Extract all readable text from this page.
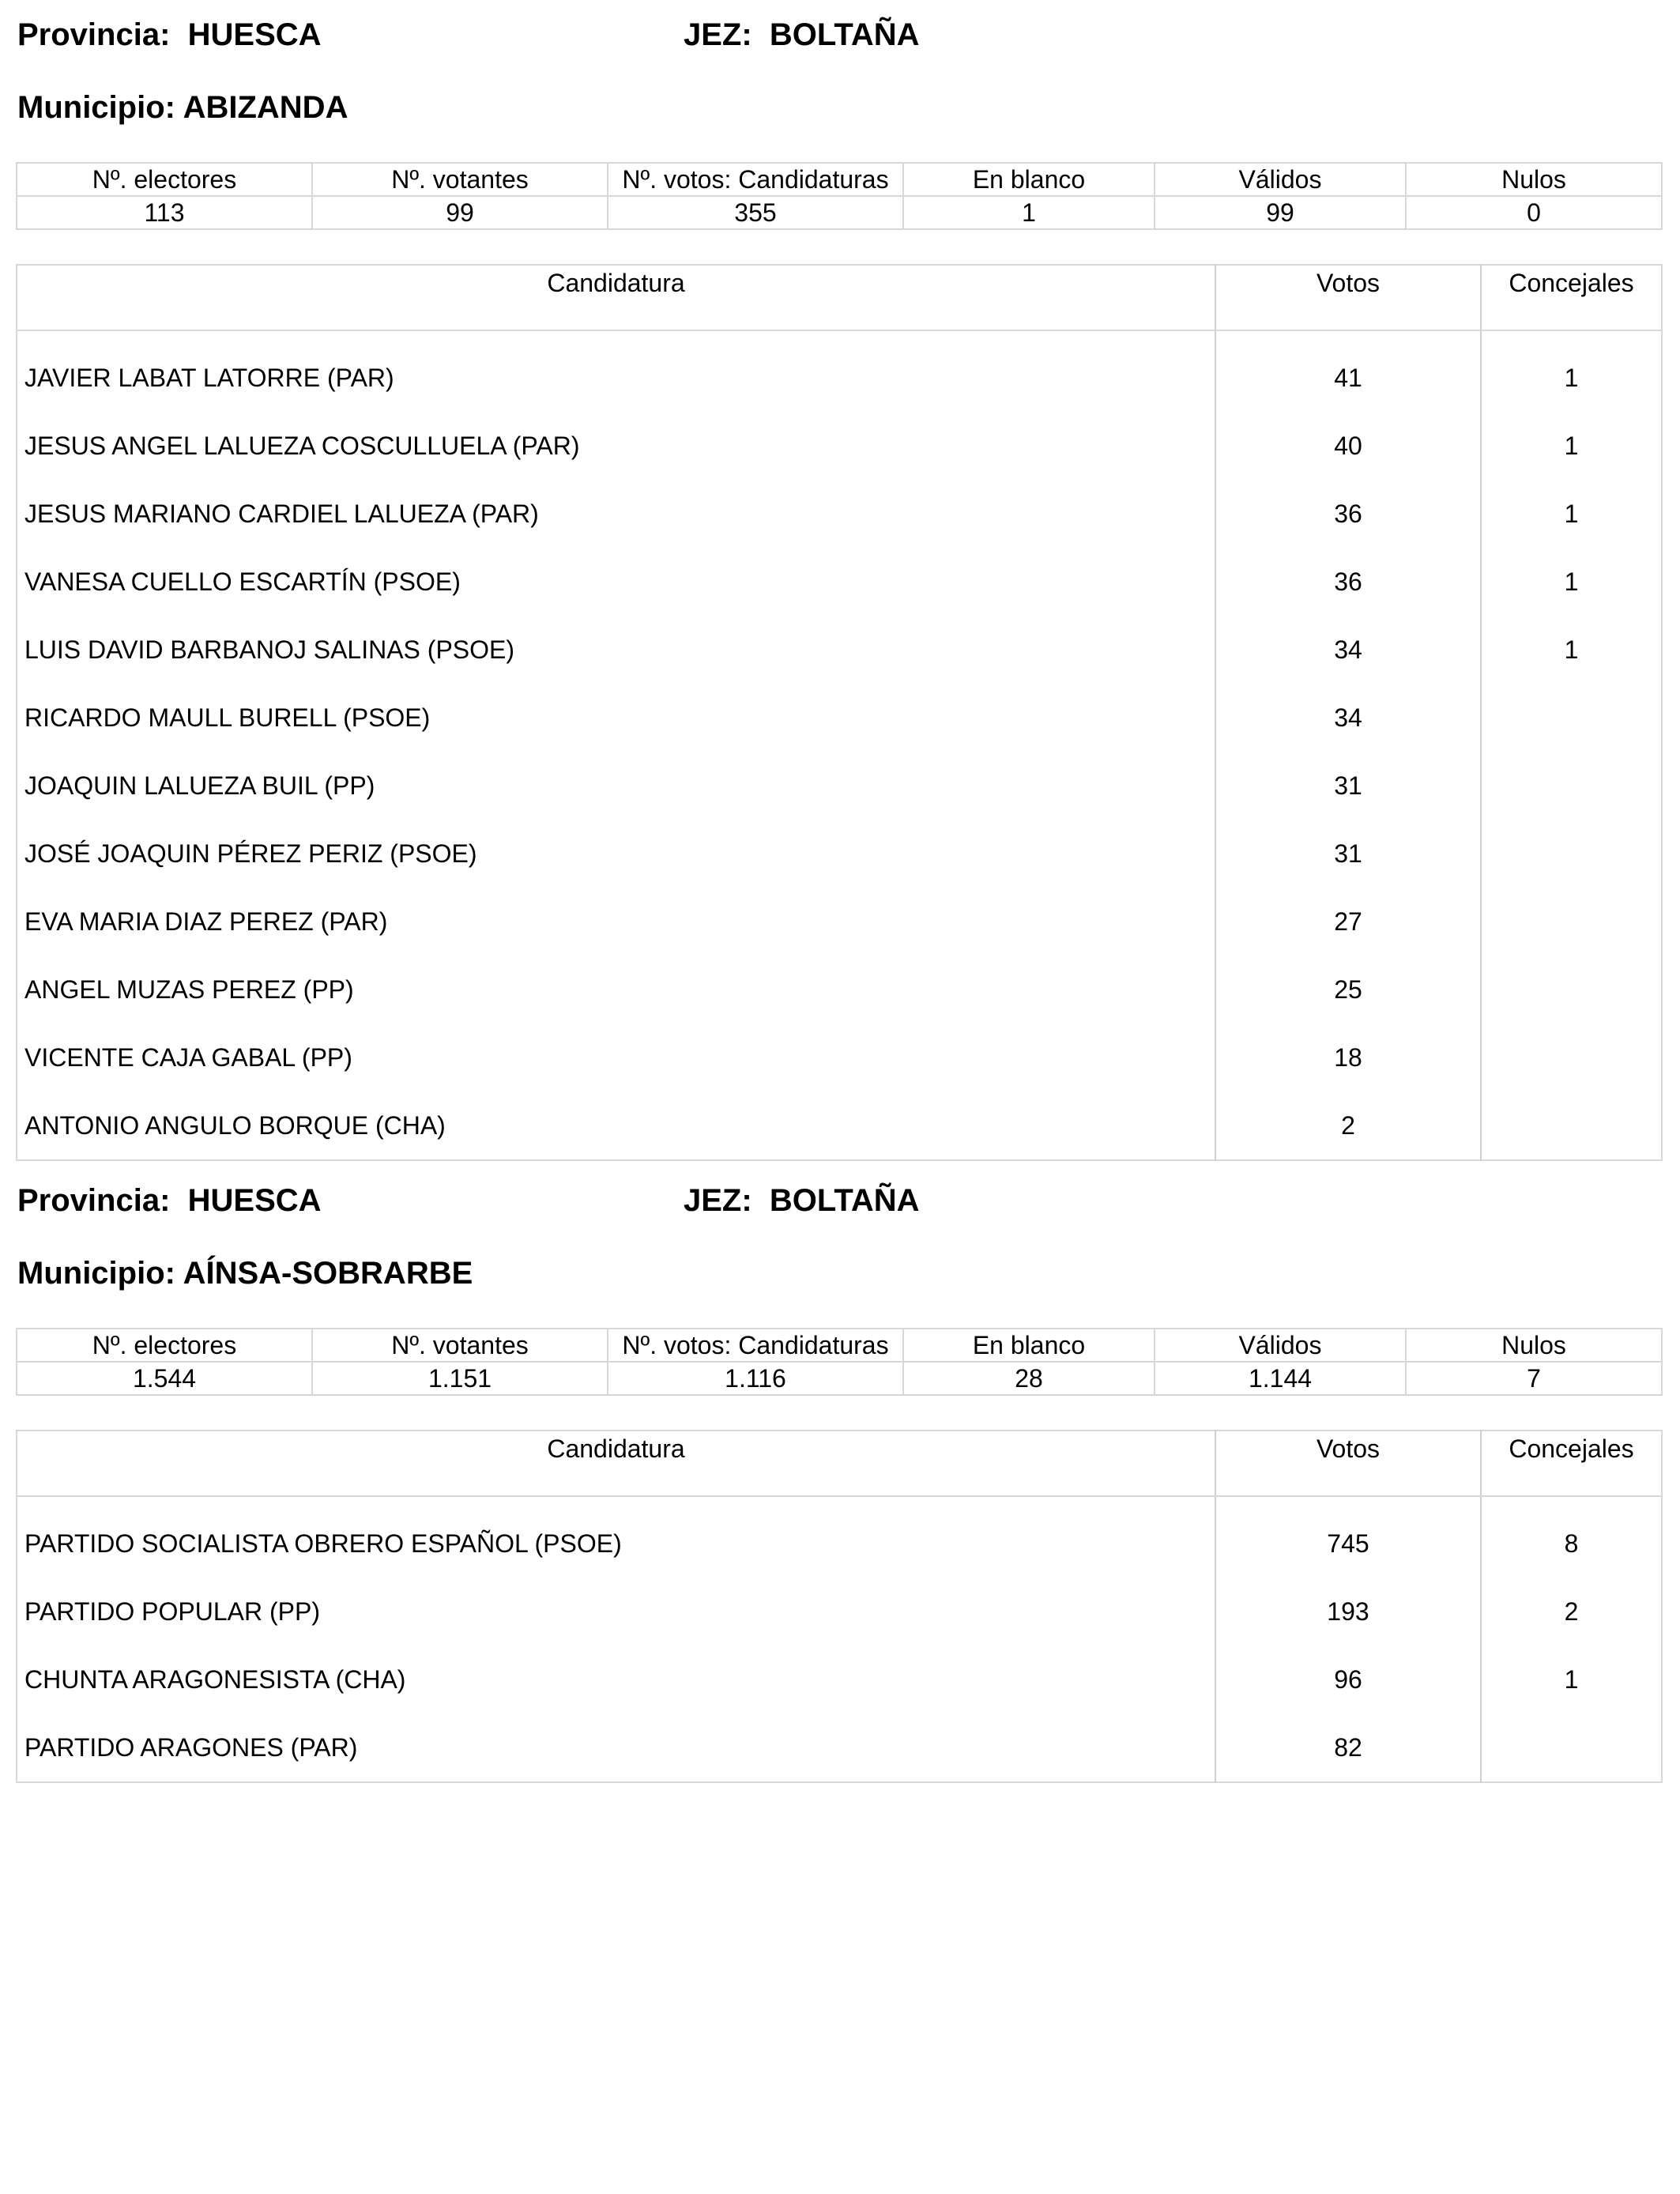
Provincia:  HUESCA	JEZ:  BOLTAÑA
Municipio: ABIZANDA
Nº. electores	Nº. votantes	Nº. votos: Candidaturas	En blanco	Válidos	Nulos
113	99	355	1	99	0
Candidatura	Votos	Concejales

JAVIER LABAT LATORRE (PAR)	41	1
JESUS ANGEL LALUEZA COSCULLUELA (PAR)	40	1
JESUS MARIANO CARDIEL LALUEZA (PAR)	36	1
VANESA CUELLO ESCARTÍN (PSOE)	36	1
LUIS DAVID BARBANOJ SALINAS (PSOE)	34	1
RICARDO MAULL BURELL (PSOE)	34	
JOAQUIN LALUEZA BUIL (PP)	31	
JOSÉ JOAQUIN PÉREZ PERIZ (PSOE)	31	
EVA MARIA DIAZ PEREZ (PAR)	27	
ANGEL MUZAS PEREZ (PP)	25	
VICENTE CAJA GABAL (PP)	18	
ANTONIO ANGULO BORQUE (CHA)	2	
Provincia:  HUESCA	JEZ:  BOLTAÑA
Municipio: AÍNSA-SOBRARBE
Nº. electores	Nº. votantes	Nº. votos: Candidaturas	En blanco	Válidos	Nulos
1.544	1.151	1.116	28	1.144	7
Candidatura	Votos	Concejales

PARTIDO SOCIALISTA OBRERO ESPAÑOL (PSOE)	745	8
PARTIDO POPULAR (PP)	193	2
CHUNTA ARAGONESISTA (CHA)	96	1
PARTIDO ARAGONES (PAR)	82	
